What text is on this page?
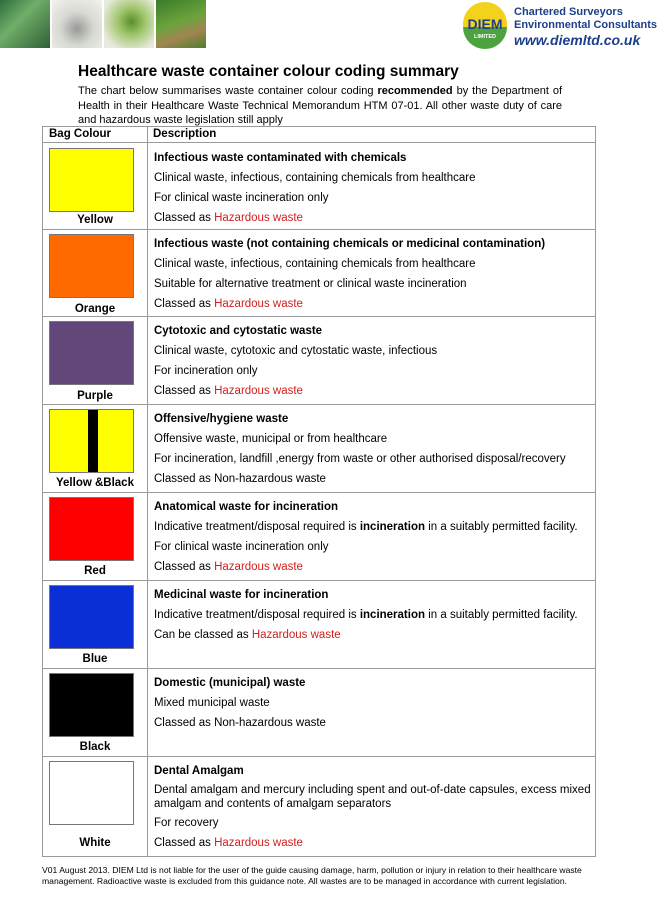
DIEM
LIMITED
Chartered Surveyors
Environmental Consultants
www.diemltd.co.uk
Healthcare waste container colour coding summary

The chart below summarises waste container colour coding recommended by the Department of Health in their Healthcare Waste Technical Memorandum HTM 07-01. All other waste duty of care and hazardous waste legislation still apply

Bag Colour	Description
Yellow
Infectious waste contaminated with chemicals
Clinical waste, infectious, containing chemicals from healthcare
For clinical waste incineration only
Classed as Hazardous waste
Orange
Infectious waste (not containing chemicals or medicinal contamination)
Clinical waste, infectious, containing chemicals from healthcare
Suitable for alternative treatment or clinical waste incineration
Classed as Hazardous waste
Purple
Cytotoxic and cytostatic waste
Clinical waste, cytotoxic and cytostatic waste, infectious
For incineration only
Classed as Hazardous waste
Yellow &Black
Offensive/hygiene waste
Offensive waste, municipal or from healthcare
For incineration, landfill ,energy from waste or other authorised disposal/recovery
Classed as Non-hazardous waste
Red
Anatomical waste for incineration
Indicative treatment/disposal required is incineration in a suitably permitted facility.
For clinical waste incineration only
Classed as Hazardous waste
Blue
Medicinal waste for incineration
Indicative treatment/disposal required is incineration in a suitably permitted facility.
Can be classed as Hazardous waste
Black
Domestic (municipal) waste
Mixed municipal waste
Classed as Non-hazardous waste
White
Dental Amalgam
Dental amalgam and mercury including spent and out-of-date capsules, excess mixed amalgam and contents of amalgam separators
For recovery
Classed as Hazardous waste
V01 August 2013. DIEM Ltd is not liable for the user of the guide causing damage, harm, pollution or injury in relation to their healthcare waste management. Radioactive waste is excluded from this guidance note. All wastes are to be managed in accordance with current legislation.
